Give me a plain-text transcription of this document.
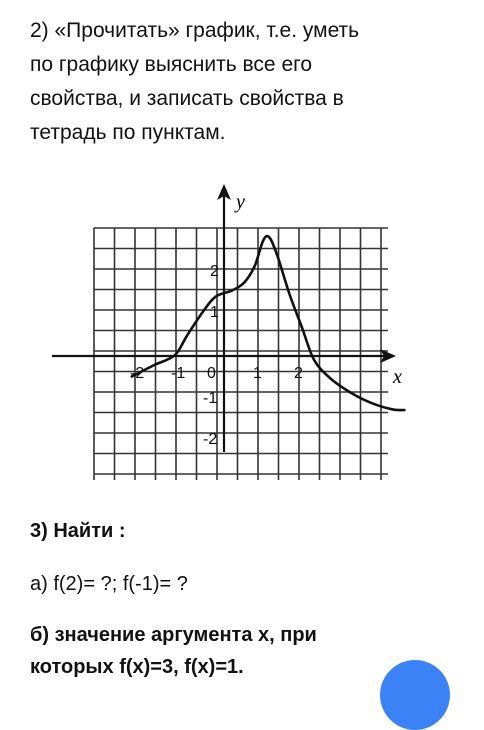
2) «Прочитать» график, т.е. уметь
по графику выяснить все его
свойства, и записать свойства в
тетрадь по пунктам.
x
y
-2 -1 0 1 2
1
2
-1
-2
3) Найти :
а) f(2)= ?; f(-1)= ?
б) значение аргумента х, при
которых f(x)=3, f(x)=1.
